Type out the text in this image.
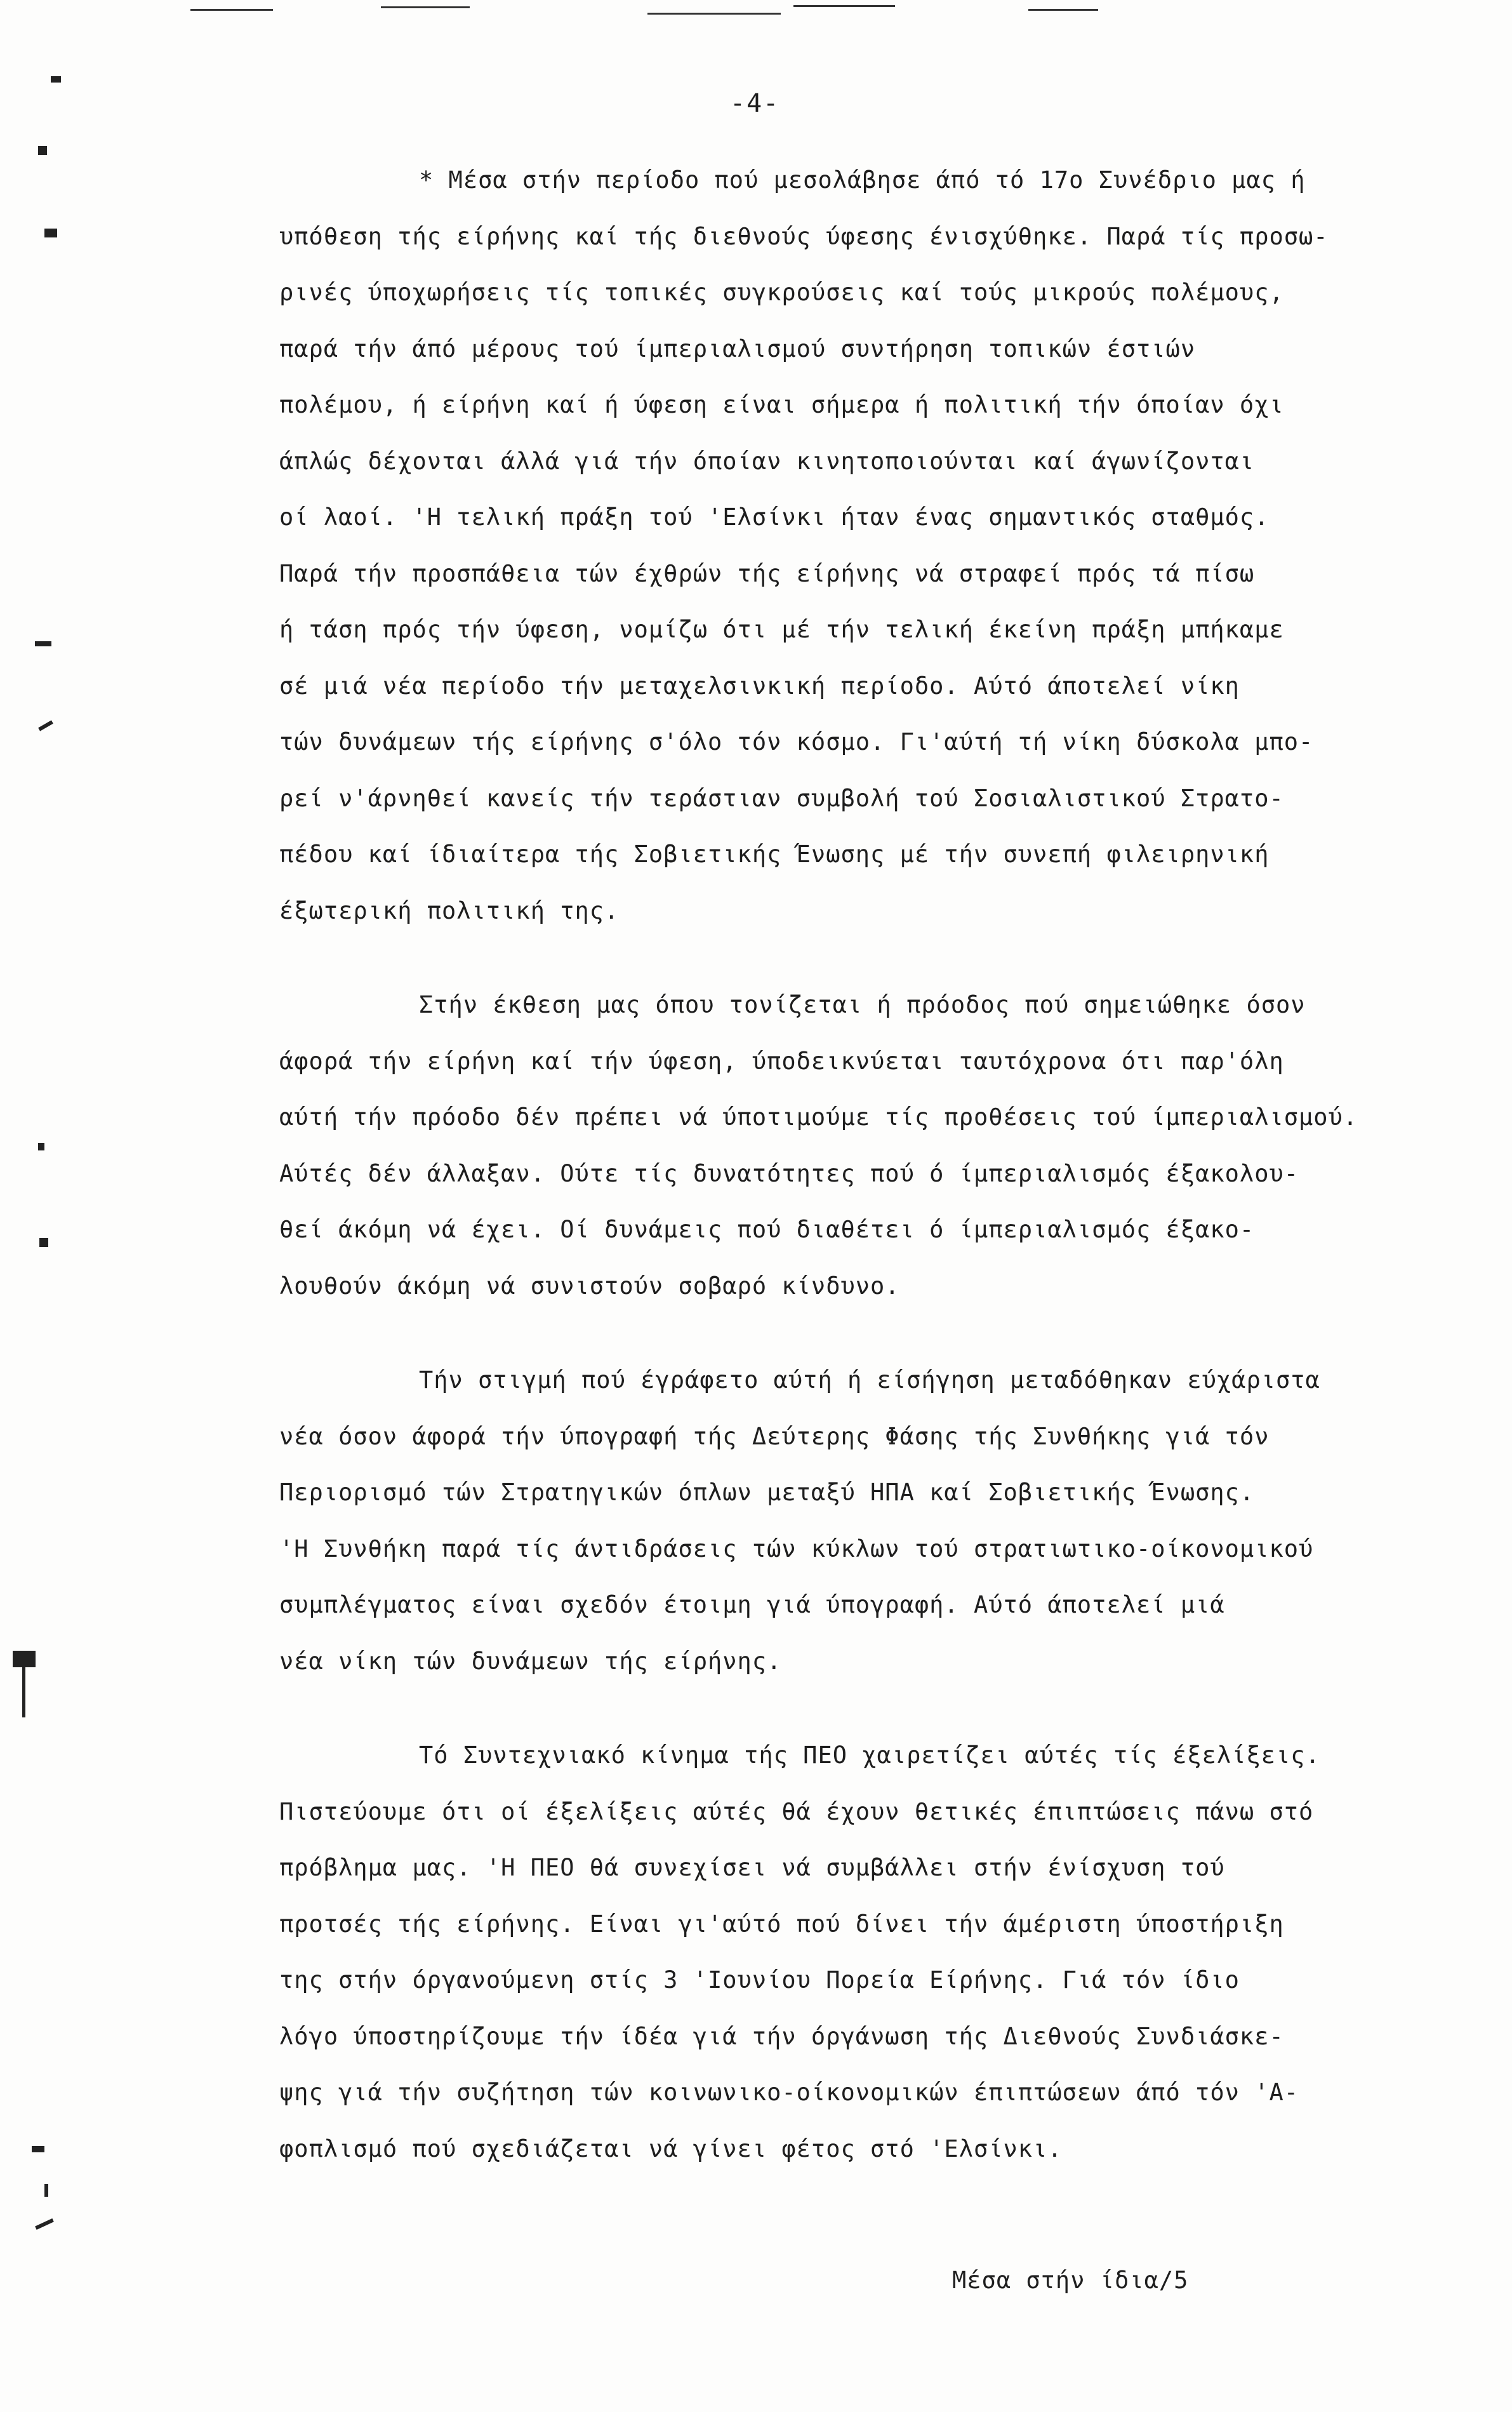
-4-
* Μέσα στήν περίοδο πού μεσολάβησε άπό τό 17ο Συνέδριο μας ή
υπόθεση τής είρήνης καί τής διεθνούς ύφεσης ένισχύθηκε. Παρά τίς προσω-
ρινές ύποχωρήσεις τίς τοπικές συγκρούσεις καί τούς μικρούς πολέμους,
παρά τήν άπό μέρους τού ίμπεριαλισμού συντήρηση τοπικών έστιών
πολέμου, ή είρήνη καί ή ύφεση είναι σήμερα ή πολιτική τήν όποίαν όχι
άπλώς δέχονται άλλά γιά τήν όποίαν κινητοποιούνται καί άγωνίζονται
οί λαοί. 'Η τελική πράξη τού 'Ελσίνκι ήταν ένας σημαντικός σταθμός.
Παρά τήν προσπάθεια τών έχθρών τής είρήνης νά στραφεί πρός τά πίσω
ή τάση πρός τήν ύφεση, νομίζω ότι μέ τήν τελική έκείνη πράξη μπήκαμε
σέ μιά νέα περίοδο τήν μεταχελσινκική περίοδο. Αύτό άποτελεί νίκη
τών δυνάμεων τής είρήνης σ'όλο τόν κόσμο. Γι'αύτή τή νίκη δύσκολα μπο-
ρεί ν'άρνηθεί κανείς τήν τεράστιαν συμβολή τού Σοσιαλιστικού Στρατο-
πέδου καί ίδιαίτερα τής Σοβιετικής Ένωσης μέ τήν συνεπή φιλειρηνική
έξωτερική πολιτική της.
Στήν έκθεση μας όπου τονίζεται ή πρόοδος πού σημειώθηκε όσον
άφορά τήν είρήνη καί τήν ύφεση, ύποδεικνύεται ταυτόχρονα ότι παρ'όλη
αύτή τήν πρόοδο δέν πρέπει νά ύποτιμούμε τίς προθέσεις τού ίμπεριαλισμού.
Αύτές δέν άλλαξαν. Ούτε τίς δυνατότητες πού ό ίμπεριαλισμός έξακολου-
θεί άκόμη νά έχει. Οί δυνάμεις πού διαθέτει ό ίμπεριαλισμός έξακο-
λουθούν άκόμη νά συνιστούν σοβαρό κίνδυνο.
Τήν στιγμή πού έγράφετο αύτή ή είσήγηση μεταδόθηκαν εύχάριστα
νέα όσον άφορά τήν ύπογραφή τής Δεύτερης Φάσης τής Συνθήκης γιά τόν
Περιορισμό τών Στρατηγικών όπλων μεταξύ ΗΠΑ καί Σοβιετικής Ένωσης.
'Η Συνθήκη παρά τίς άντιδράσεις τών κύκλων τού στρατιωτικο-οίκονομικού
συμπλέγματος είναι σχεδόν έτοιμη γιά ύπογραφή. Αύτό άποτελεί μιά
νέα νίκη τών δυνάμεων τής είρήνης.
Τό Συντεχνιακό κίνημα τής ΠΕΟ χαιρετίζει αύτές τίς έξελίξεις.
Πιστεύουμε ότι οί έξελίξεις αύτές θά έχουν θετικές έπιπτώσεις πάνω στό
πρόβλημα μας. 'Η ΠΕΟ θά συνεχίσει νά συμβάλλει στήν ένίσχυση τού
προτσές τής είρήνης. Είναι γι'αύτό πού δίνει τήν άμέριστη ύποστήριξη
της στήν όργανούμενη στίς 3 'Ιουνίου Πορεία Είρήνης. Γιά τόν ίδιο
λόγο ύποστηρίζουμε τήν ίδέα γιά τήν όργάνωση τής Διεθνούς Συνδιάσκε-
ψης γιά τήν συζήτηση τών κοινωνικο-οίκονομικών έπιπτώσεων άπό τόν 'Α-
φοπλισμό πού σχεδιάζεται νά γίνει φέτος στό 'Ελσίνκι.
Μέσα στήν ίδια/5
